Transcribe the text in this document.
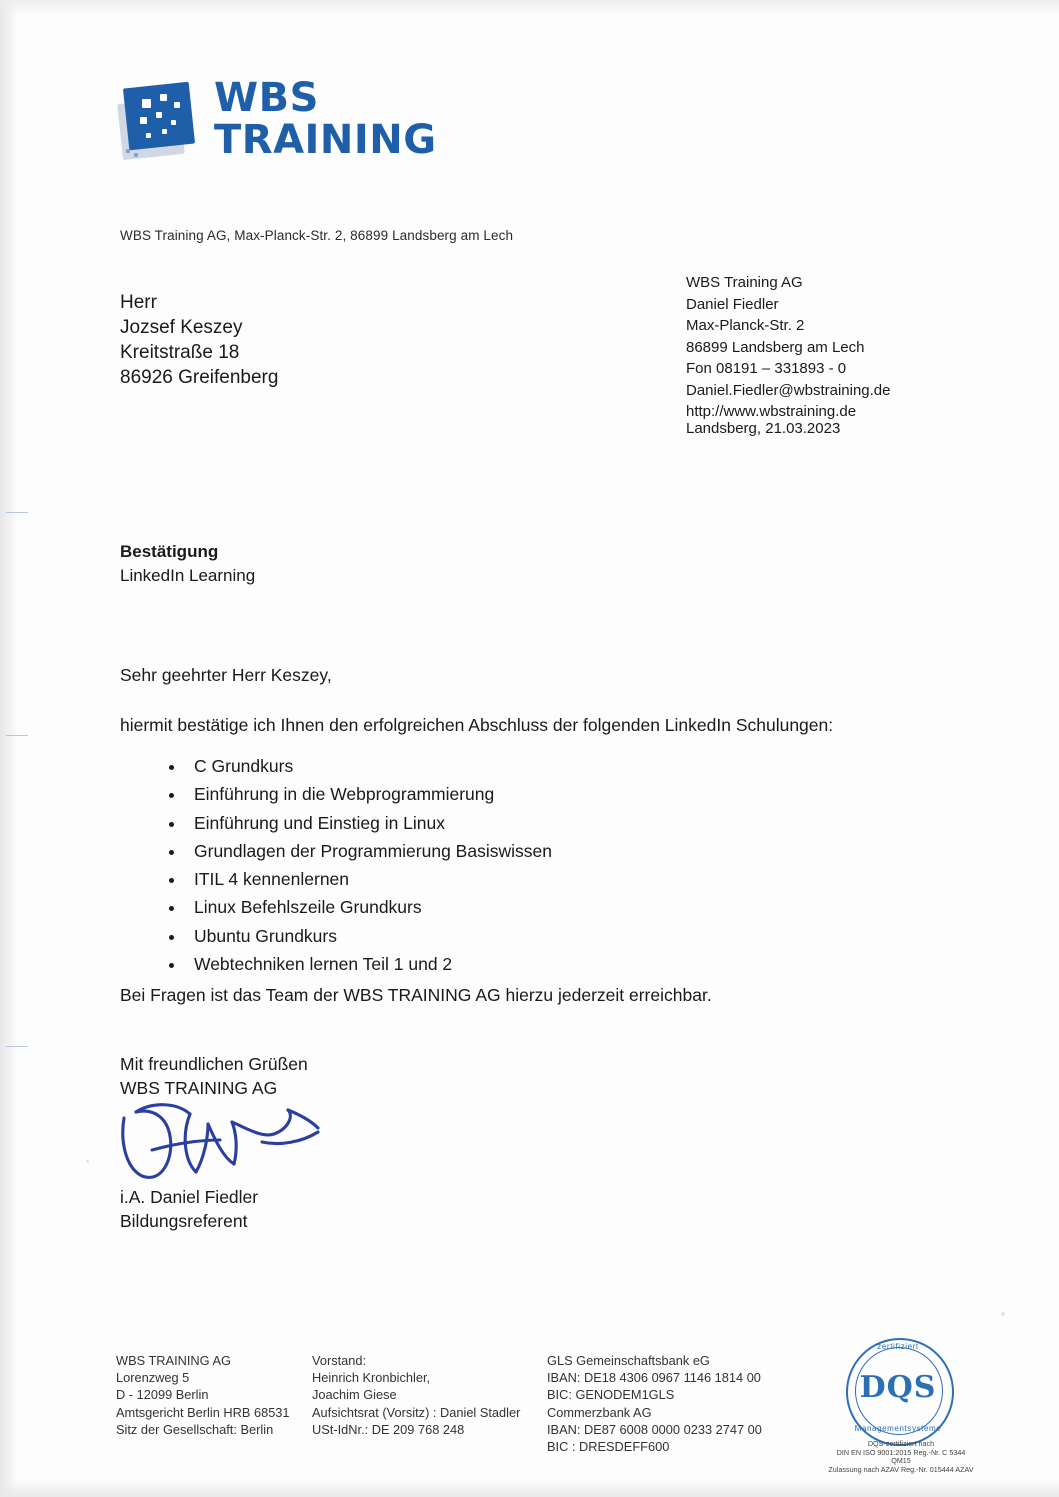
WBS
TRAINING
WBS Training AG, Max-Planck-Str. 2, 86899 Landsberg am Lech
Herr
Jozsef Keszey
Kreitstraße 18
86926 Greifenberg
WBS Training AG
Daniel Fiedler
Max-Planck-Str. 2
86899 Landsberg am Lech
Fon 08191 – 331893 - 0
Daniel.Fiedler@wbstraining.de
http://www.wbstraining.de
Landsberg, 21.03.2023
Bestätigung
LinkedIn Learning
Sehr geehrter Herr Keszey,
hiermit bestätige ich Ihnen den erfolgreichen Abschluss der folgenden LinkedIn Schulungen:
• C Grundkurs
• Einführung in die Webprogrammierung
• Einführung und Einstieg in Linux
• Grundlagen der Programmierung Basiswissen
• ITIL 4 kennenlernen
• Linux Befehlszeile Grundkurs
• Ubuntu Grundkurs
• Webtechniken lernen Teil 1 und 2
Bei Fragen ist das Team der WBS TRAINING AG hierzu jederzeit erreichbar.
Mit freundlichen Grüßen
WBS TRAINING AG
i.A. Daniel Fiedler
Bildungsreferent
WBS TRAINING AG
Lorenzweg 5
D - 12099 Berlin
Amtsgericht Berlin HRB 68531
Sitz der Gesellschaft: Berlin
Vorstand:
Heinrich Kronbichler,
Joachim Giese
Aufsichtsrat (Vorsitz) : Daniel Stadler
USt-IdNr.: DE 209 768 248
GLS Gemeinschaftsbank eG
IBAN: DE18 4306 0967 1146 1814 00
BIC: GENODEM1GLS
Commerzbank AG
IBAN: DE87 6008 0000 0233 2747 00
BIC : DRESDEFF600
zertifiziert
DQS
Managementsysteme
DQS-zertifiziert nach
DIN EN ISO 9001:2015 Reg.-Nr. C 5344 QM15
Zulassung nach AZAV Reg.-Nr. 015444 AZAV
